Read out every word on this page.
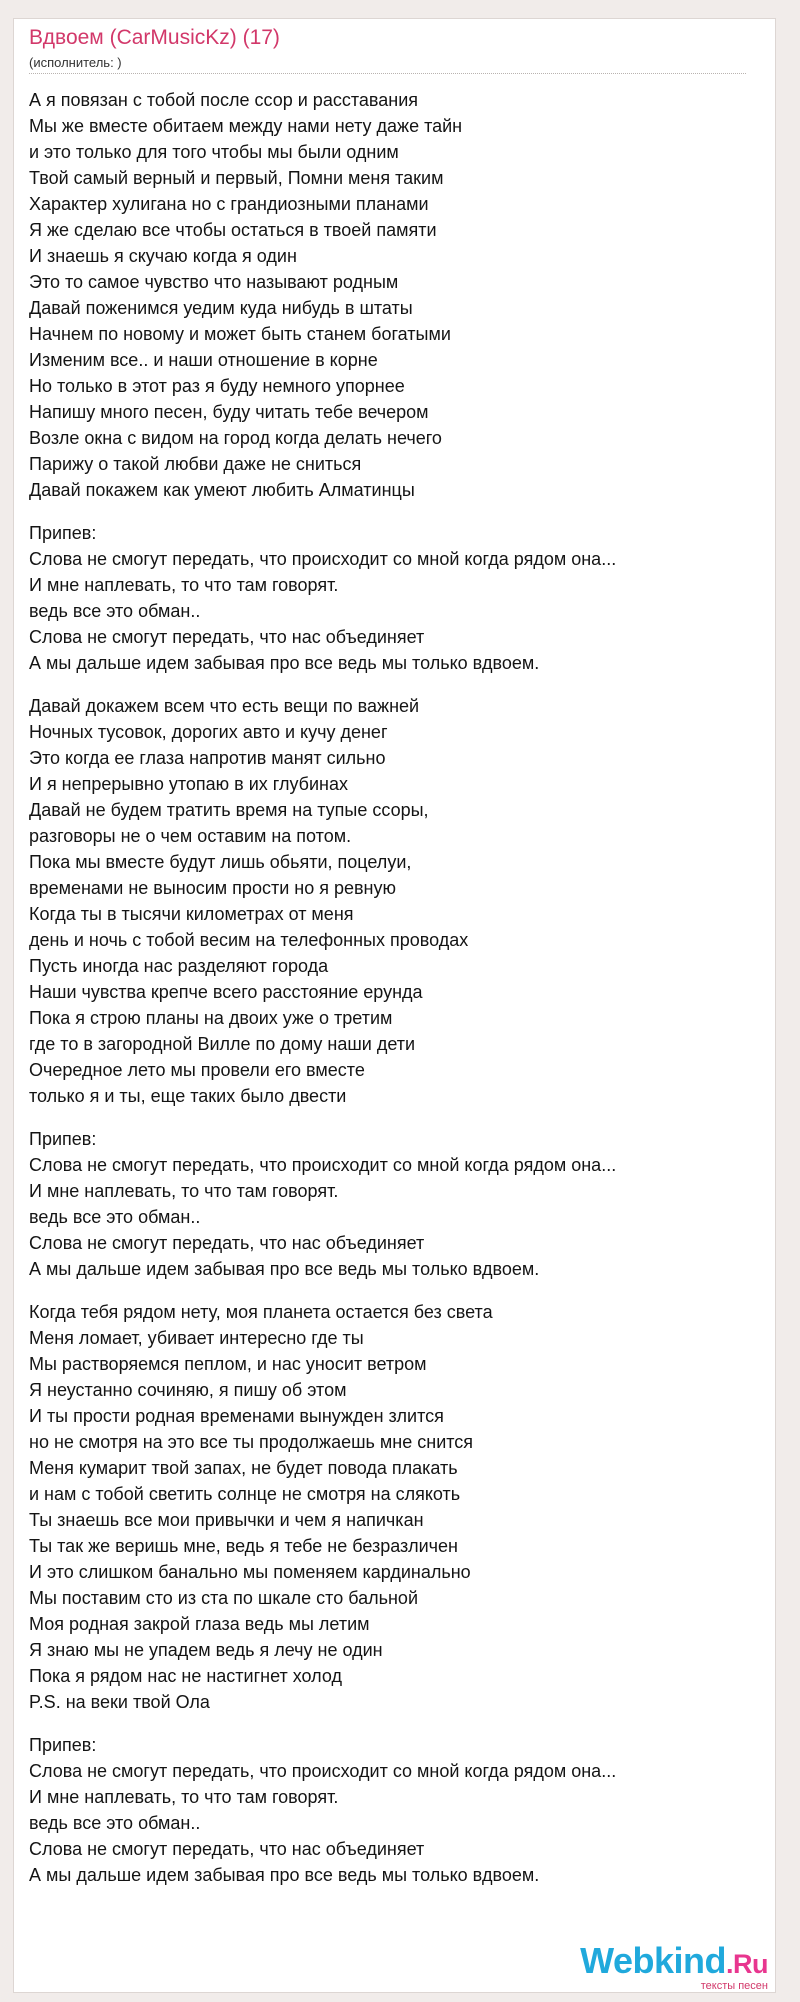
Вдвоем (CarMusicKz) (17)
(исполнитель: )
А я повязан с тобой после ссор и расставания
Мы же вместе обитаем между нами нету даже тайн
и это только для того чтобы мы были одним
Твой самый верный и первый, Помни меня таким
Характер хулигана но с грандиозными планами
Я же сделаю все чтобы остаться в твоей памяти
И знаешь я скучаю когда я один
Это то самое чувство что называют родным
Давай поженимся уедим куда нибудь в штаты
Начнем по новому и может быть станем богатыми
Изменим все.. и наши отношение в корне
Но только в этот раз я буду немного упорнее
Напишу много песен, буду читать тебе вечером
Возле окна с видом на город когда делать нечего
Парижу о такой любви даже не сниться
Давай покажем как умеют любить Алматинцы
Припев:
Слова не смогут передать, что происходит со мной когда рядом она...
И мне наплевать, то что там говорят.
ведь все это обман..
Слова не смогут передать, что нас объединяет
А мы дальше идем забывая про все ведь мы только вдвоем.
Давай докажем всем что есть вещи по важней
Ночных тусовок, дорогих авто и кучу денег
Это когда ее глаза напротив манят сильно
И я непрерывно утопаю в их глубинах
Давай не будем тратить время на тупые ссоры,
разговоры не о чем оставим на потом.
Пока мы вместе будут лишь обьяти, поцелуи,
временами не выносим прости но я ревную
Когда ты в тысячи километрах от меня
день и ночь с тобой весим на телефонных проводах
Пусть иногда нас разделяют города
Наши чувства крепче всего расстояние ерунда
Пока я строю планы на двоих уже о третим
где то в загородной Вилле по дому наши дети
Очередное лето мы провели его вместе
только я и ты, еще таких было двести
Припев:
Слова не смогут передать, что происходит со мной когда рядом она...
И мне наплевать, то что там говорят.
ведь все это обман..
Слова не смогут передать, что нас объединяет
А мы дальше идем забывая про все ведь мы только вдвоем.
Когда тебя рядом нету, моя планета остается без света
Меня ломает, убивает интересно где ты
Мы растворяемся пеплом, и нас уносит ветром
Я неустанно сочиняю, я пишу об этом
И ты прости родная временами вынужден злится
но не смотря на это все ты продолжаешь мне снится
Меня кумарит твой запах, не будет повода плакать
и нам с тобой светить солнце не смотря на слякоть
Ты знаешь все мои привычки и чем я напичкан
Ты так же веришь мне, ведь я тебе не безразличен
И это слишком банально мы поменяем кардинально
Мы поставим сто из ста по шкале сто бальной
Моя родная закрой глаза ведь мы летим
Я знаю мы не упадем ведь я лечу не один
Пока я рядом нас не настигнет холод
P.S. на веки твой Ола
Припев:
Слова не смогут передать, что происходит со мной когда рядом она...
И мне наплевать, то что там говорят.
ведь все это обман..
Слова не смогут передать, что нас объединяет
А мы дальше идем забывая про все ведь мы только вдвоем.
Webkind.Ru
тексты песен
